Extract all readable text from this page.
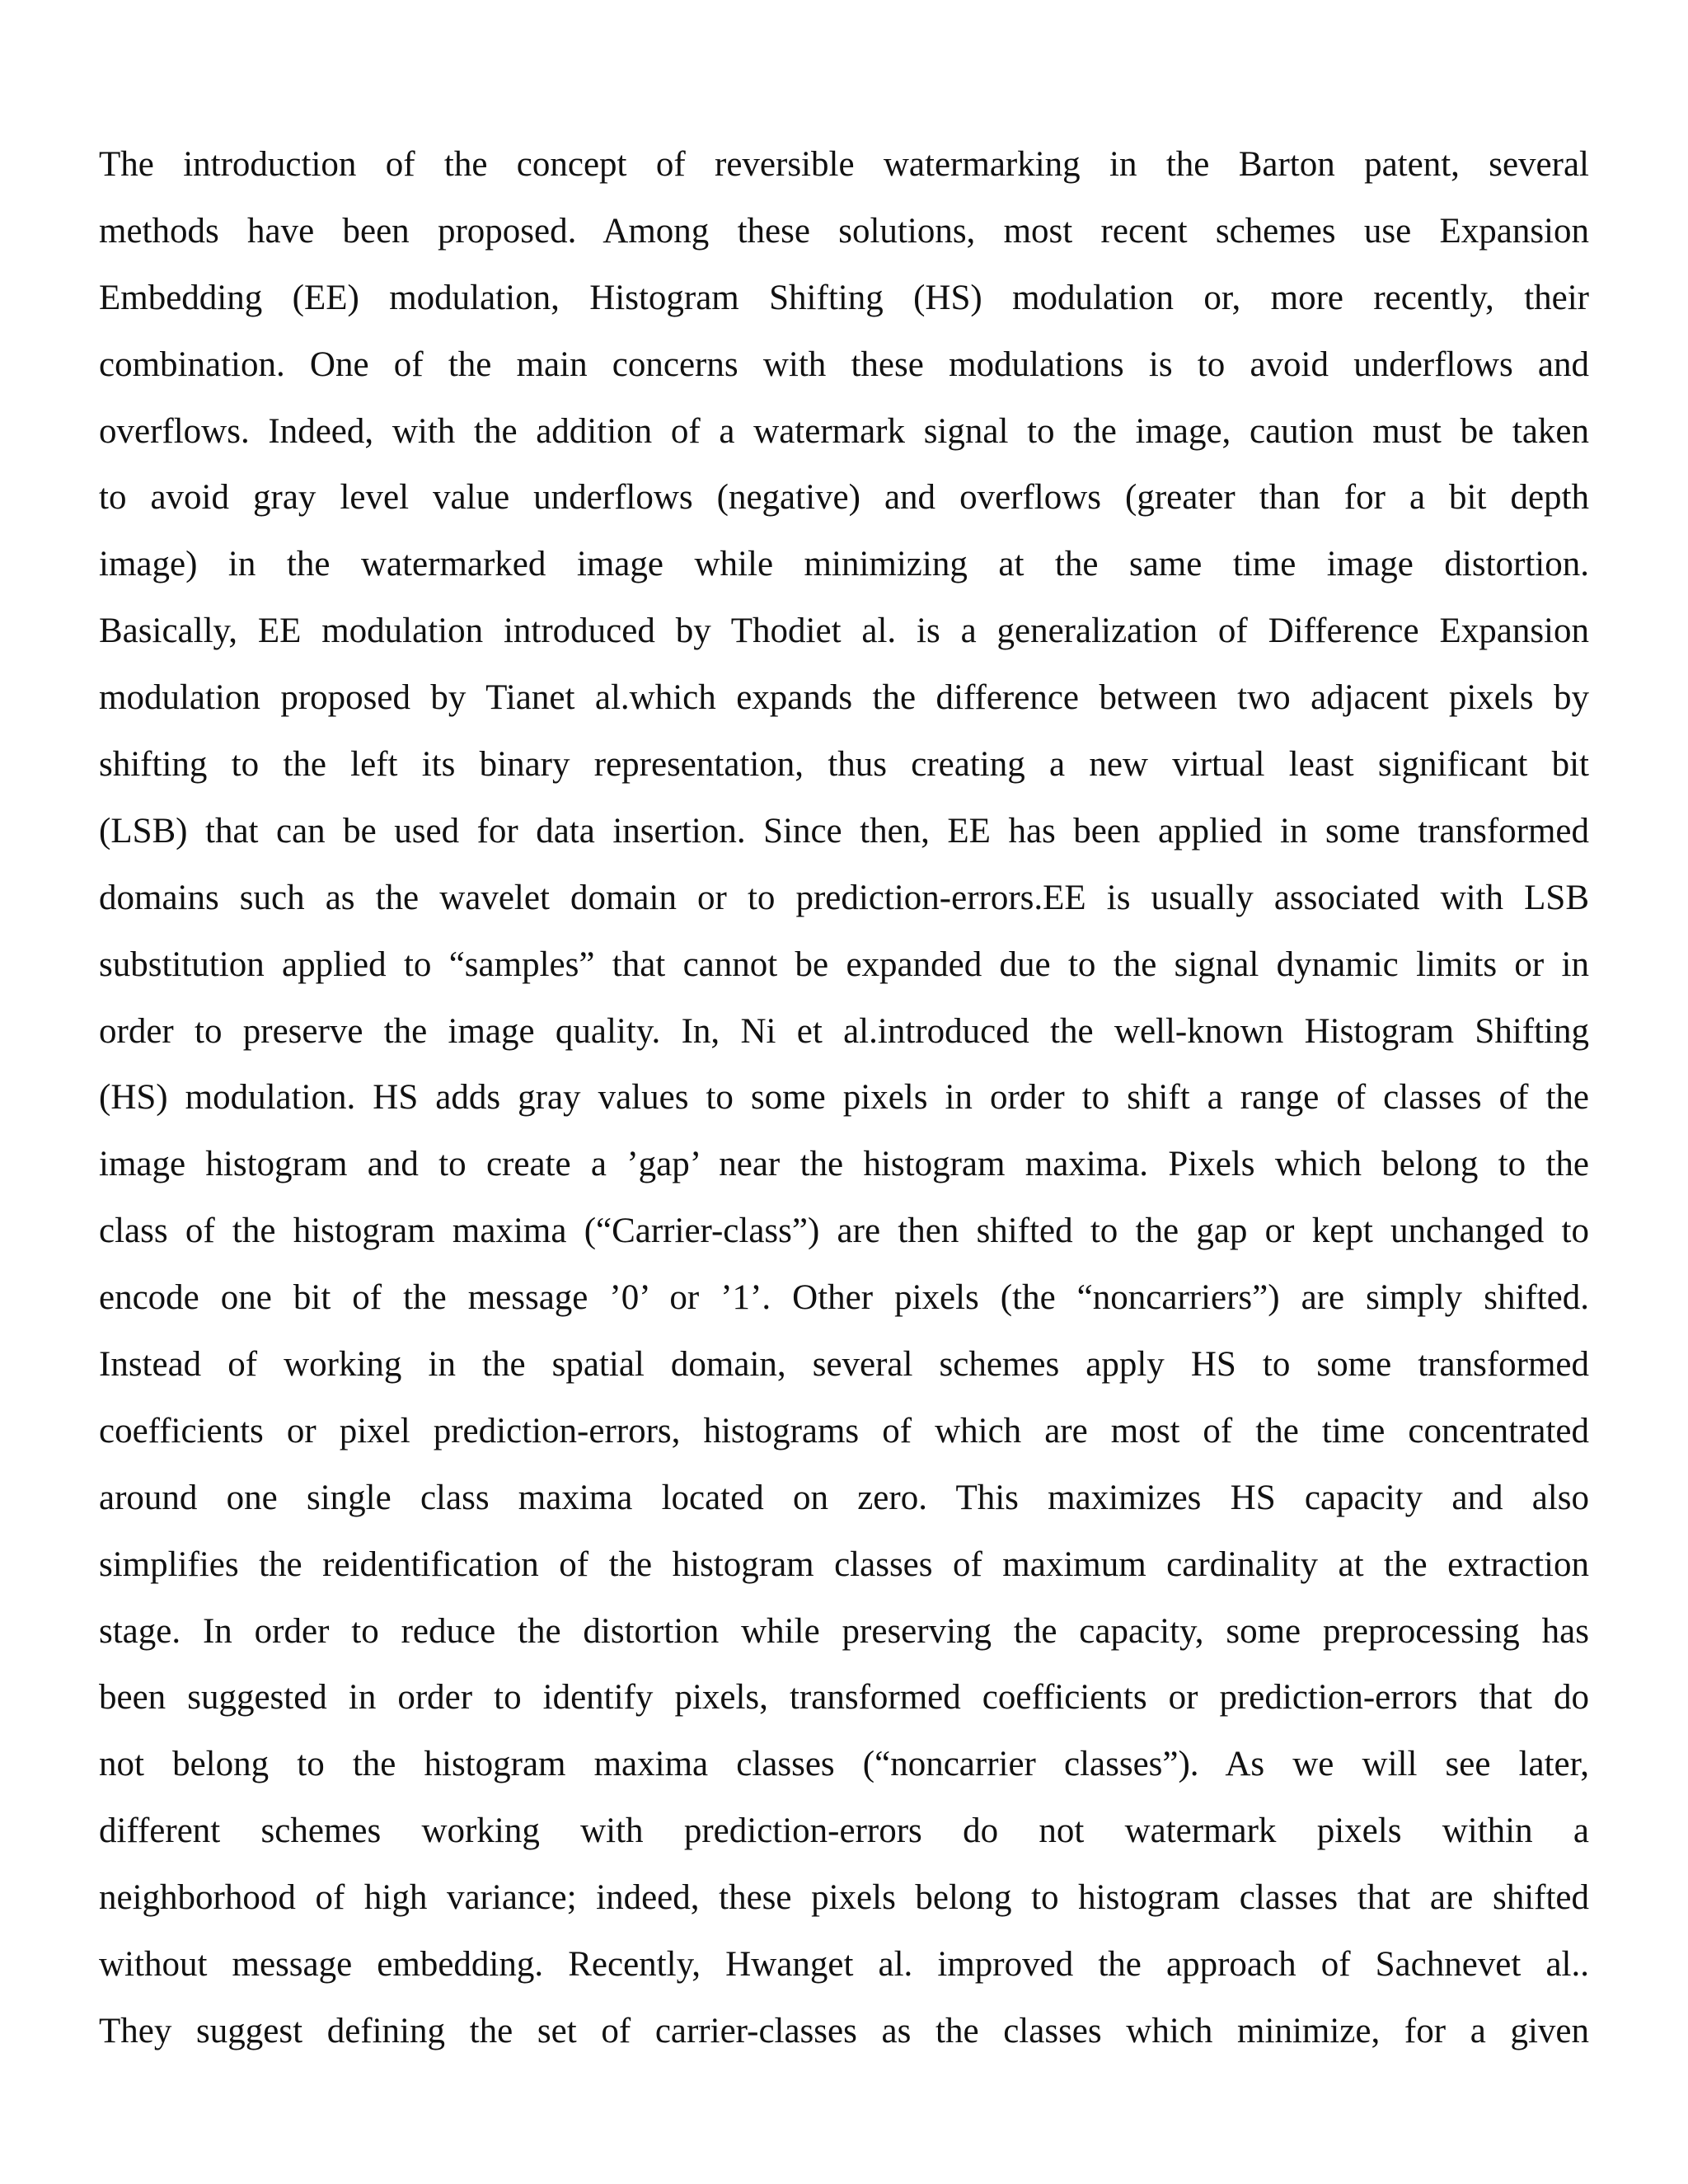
The introduction of the concept of reversible watermarking in the Barton patent, several
methods have been proposed. Among these solutions, most recent schemes use Expansion
Embedding (EE) modulation, Histogram Shifting (HS) modulation or, more recently, their
combination. One of the main concerns with these modulations is to avoid underflows and
overflows. Indeed, with the addition of a watermark signal to the image, caution must be taken
to avoid gray level value underflows (negative) and overflows (greater than for a bit depth
image) in the watermarked image while minimizing at the same time image distortion.
Basically, EE modulation introduced by Thodiet al. is a generalization of Difference Expansion
modulation proposed by Tianet al.which expands the difference between two adjacent pixels by
shifting to the left its binary representation, thus creating a new virtual least significant bit
(LSB) that can be used for data insertion. Since then, EE has been applied in some transformed
domains such as the wavelet domain or to prediction-errors.EE is usually associated with LSB
substitution applied to “samples” that cannot be expanded due to the signal dynamic limits or in
order to preserve the image quality. In, Ni et al.introduced the well-known Histogram Shifting
(HS) modulation. HS adds gray values to some pixels in order to shift a range of classes of the
image histogram and to create a ’gap’ near the histogram maxima. Pixels which belong to the
class of the histogram maxima (“Carrier-class”) are then shifted to the gap or kept unchanged to
encode one bit of the message ’0’ or ’1’. Other pixels (the “noncarriers”) are simply shifted.
Instead of working in the spatial domain, several schemes apply HS to some transformed
coefficients or pixel prediction-errors, histograms of which are most of the time concentrated
around one single class maxima located on zero. This maximizes HS capacity and also
simplifies the reidentification of the histogram classes of maximum cardinality at the extraction
stage. In order to reduce the distortion while preserving the capacity, some preprocessing has
been suggested in order to identify pixels, transformed coefficients or prediction-errors that do
not belong to the histogram maxima classes (“noncarrier classes”). As we will see later,
different schemes working with prediction-errors do not watermark pixels within a
neighborhood of high variance; indeed, these pixels belong to histogram classes that are shifted
without message embedding. Recently, Hwanget al. improved the approach of Sachnevet al..
They suggest defining the set of carrier-classes as the classes which minimize, for a given
